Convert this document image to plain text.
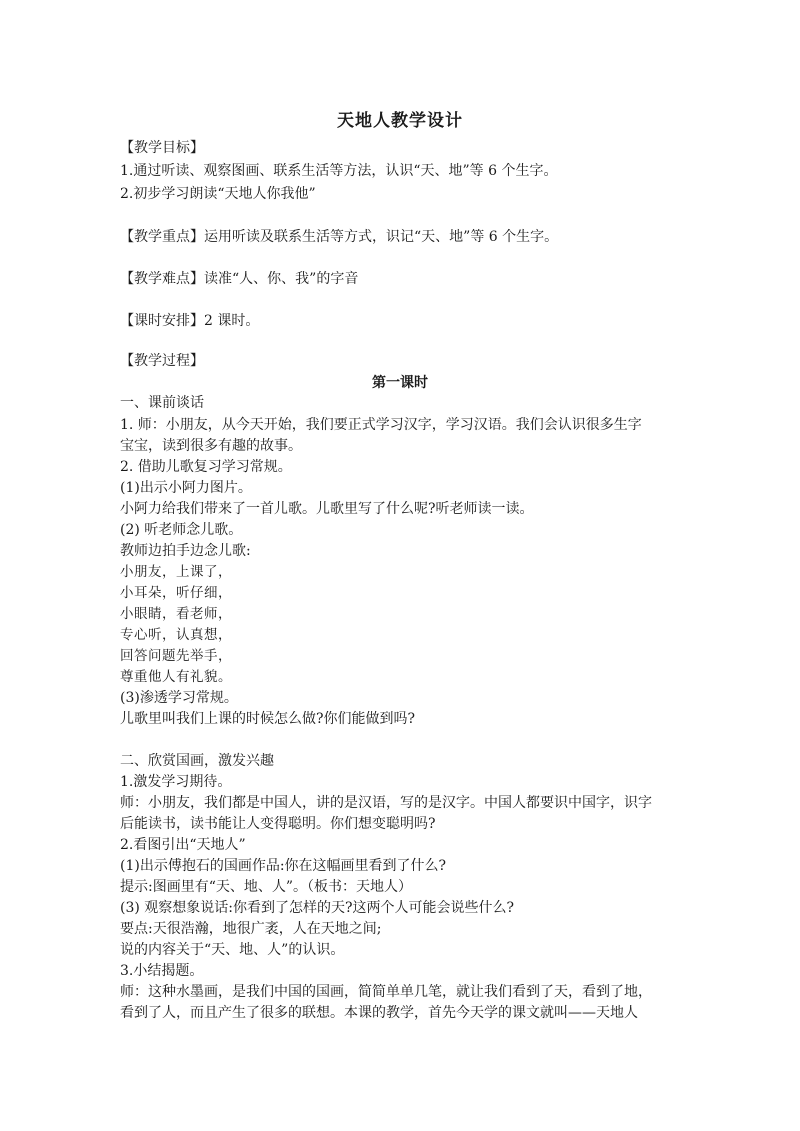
天地人教学设计
【教学目标】
1.通过听读、观察图画、联系生活等方法，认识“天、地”等 6 个生字。
2.初步学习朗读“天地人你我他”
【教学重点】运用听读及联系生活等方式，识记“天、地”等 6 个生字。
【教学难点】读准“人、你、我”的字音
【课时安排】2 课时。
【教学过程】
第一课时
一、课前谈话
1. 师：小朋友，从今天开始，我们要正式学习汉字，学习汉语。我们会认识很多生字
宝宝，读到很多有趣的故事。
2. 借助儿歌复习学习常规。
(1)出示小阿力图片。
小阿力给我们带来了一首儿歌。儿歌里写了什么呢?听老师读一读。
(2) 听老师念儿歌。
教师边拍手边念儿歌:
小朋友，上课了，
小耳朵，听仔细，
小眼睛，看老师，
专心听，认真想，
回答问题先举手，
尊重他人有礼貌。
(3)渗透学习常规。
儿歌里叫我们上课的时候怎么做?你们能做到吗?
二、欣赏国画，激发兴趣
1.激发学习期待。
师：小朋友，我们都是中国人，讲的是汉语，写的是汉字。中国人都要识中国字，识字
后能读书，读书能让人变得聪明。你们想变聪明吗?
2.看图引出“天地人”
(1)出示傅抱石的国画作品:你在这幅画里看到了什么?
提示:图画里有“天、地、人”。（板书：天地人）
(3) 观察想象说话:你看到了怎样的天?这两个人可能会说些什么?
要点:天很浩瀚，地很广袤，人在天地之间;
说的内容关于“天、地、人”的认识。
3.小结揭题。
师：这种水墨画，是我们中国的国画，简简单单几笔，就让我们看到了天，看到了地，
看到了人，而且产生了很多的联想。本课的教学，首先今天学的课文就叫——天地人
